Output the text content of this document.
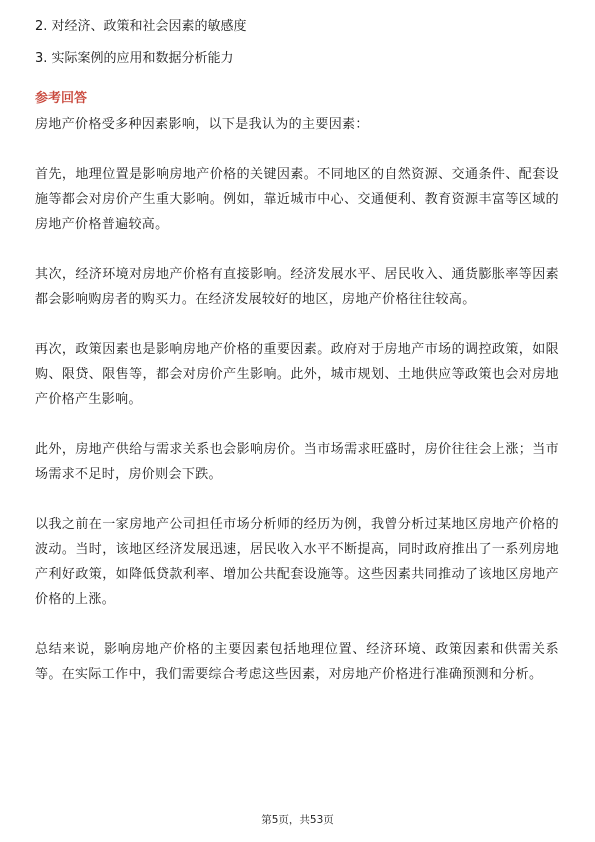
2. 对经济、政策和社会因素的敏感度
3. 实际案例的应用和数据分析能力
参考回答

房地产价格受多种因素影响，以下是我认为的主要因素：

首先，地理位置是影响房地产价格的关键因素。不同地区的自然资源、交通条件、配套设施等都会对房价产生重大影响。例如，靠近城市中心、交通便利、教育资源丰富等区域的房地产价格普遍较高。

其次，经济环境对房地产价格有直接影响。经济发展水平、居民收入、通货膨胀率等因素都会影响购房者的购买力。在经济发展较好的地区，房地产价格往往较高。

再次，政策因素也是影响房地产价格的重要因素。政府对于房地产市场的调控政策，如限购、限贷、限售等，都会对房价产生影响。此外，城市规划、土地供应等政策也会对房地产价格产生影响。

此外，房地产供给与需求关系也会影响房价。当市场需求旺盛时，房价往往会上涨；当市场需求不足时，房价则会下跌。

以我之前在一家房地产公司担任市场分析师的经历为例，我曾分析过某地区房地产价格的波动。当时，该地区经济发展迅速，居民收入水平不断提高，同时政府推出了一系列房地产利好政策，如降低贷款利率、增加公共配套设施等。这些因素共同推动了该地区房地产价格的上涨。

总结来说，影响房地产价格的主要因素包括地理位置、经济环境、政策因素和供需关系等。在实际工作中，我们需要综合考虑这些因素，对房地产价格进行准确预测和分析。

第5页，共53页
